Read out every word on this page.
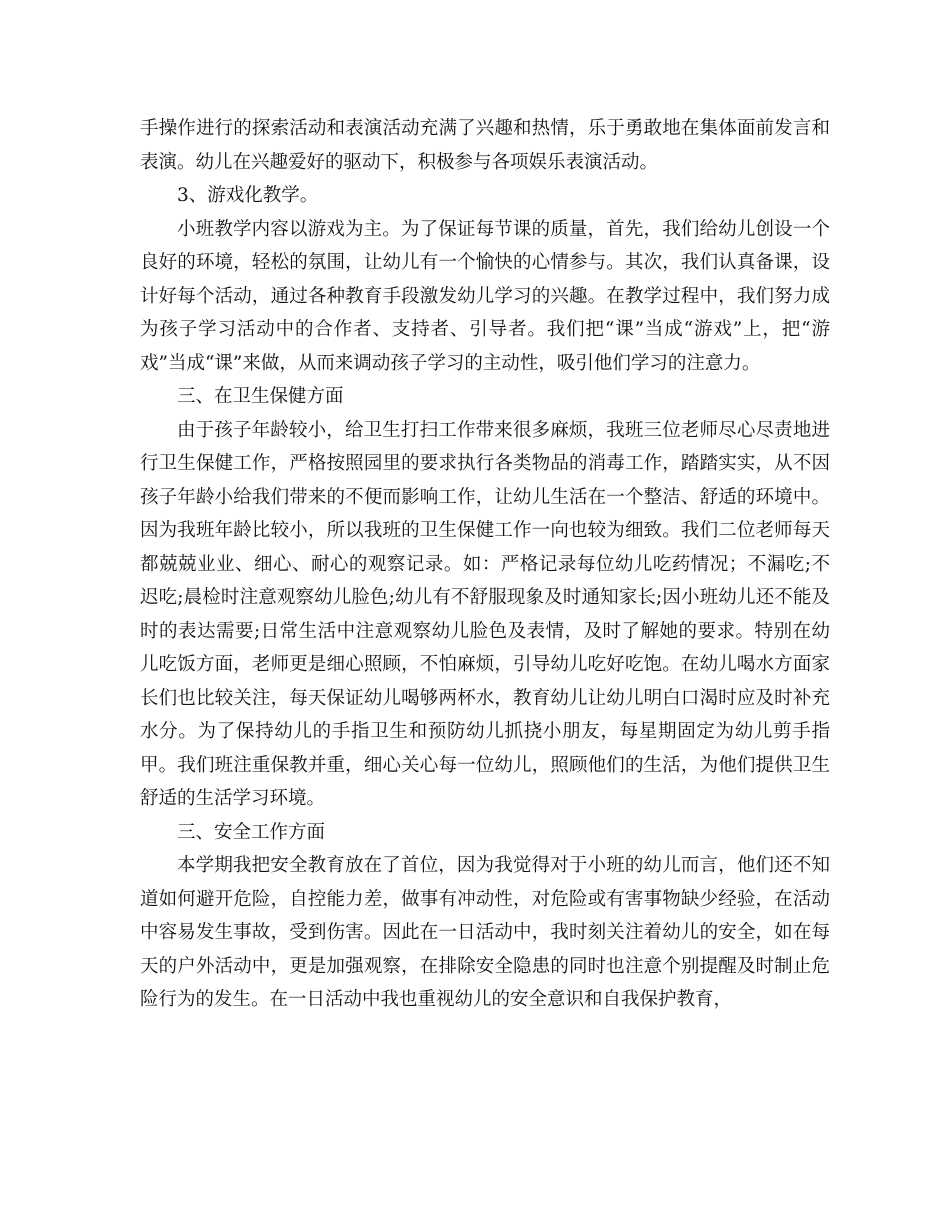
手操作进行的探索活动和表演活动充满了兴趣和热情，乐于勇敢地在集体面前发言和表演。幼儿在兴趣爱好的驱动下，积极参与各项娱乐表演活动。

3、游戏化教学。

小班教学内容以游戏为主。为了保证每节课的质量，首先，我们给幼儿创设一个良好的环境，轻松的氛围，让幼儿有一个愉快的心情参与。其次，我们认真备课，设计好每个活动，通过各种教育手段激发幼儿学习的兴趣。在教学过程中，我们努力成为孩子学习活动中的合作者、支持者、引导者。我们把“课”当成“游戏”上，把“游戏”当成“课”来做，从而来调动孩子学习的主动性，吸引他们学习的注意力。

三、在卫生保健方面

由于孩子年龄较小，给卫生打扫工作带来很多麻烦，我班三位老师尽心尽责地进行卫生保健工作，严格按照园里的要求执行各类物品的消毒工作，踏踏实实，从不因孩子年龄小给我们带来的不便而影响工作，让幼儿生活在一个整洁、舒适的环境中。因为我班年龄比较小，所以我班的卫生保健工作一向也较为细致。我们二位老师每天都兢兢业业、细心、耐心的观察记录。如：严格记录每位幼儿吃药情况；不漏吃;不迟吃;晨检时注意观察幼儿脸色;幼儿有不舒服现象及时通知家长;因小班幼儿还不能及时的表达需要;日常生活中注意观察幼儿脸色及表情，及时了解她的要求。特别在幼儿吃饭方面，老师更是细心照顾，不怕麻烦，引导幼儿吃好吃饱。在幼儿喝水方面家长们也比较关注，每天保证幼儿喝够两杯水，教育幼儿让幼儿明白口渴时应及时补充水分。为了保持幼儿的手指卫生和预防幼儿抓挠小朋友，每星期固定为幼儿剪手指甲。我们班注重保教并重，细心关心每一位幼儿，照顾他们的生活，为他们提供卫生舒适的生活学习环境。

三、安全工作方面

本学期我把安全教育放在了首位，因为我觉得对于小班的幼儿而言，他们还不知道如何避开危险，自控能力差，做事有冲动性，对危险或有害事物缺少经验，在活动中容易发生事故，受到伤害。因此在一日活动中，我时刻关注着幼儿的安全，如在每天的户外活动中，更是加强观察，在排除安全隐患的同时也注意个别提醒及时制止危险行为的发生。在一日活动中我也重视幼儿的安全意识和自我保护教育，
